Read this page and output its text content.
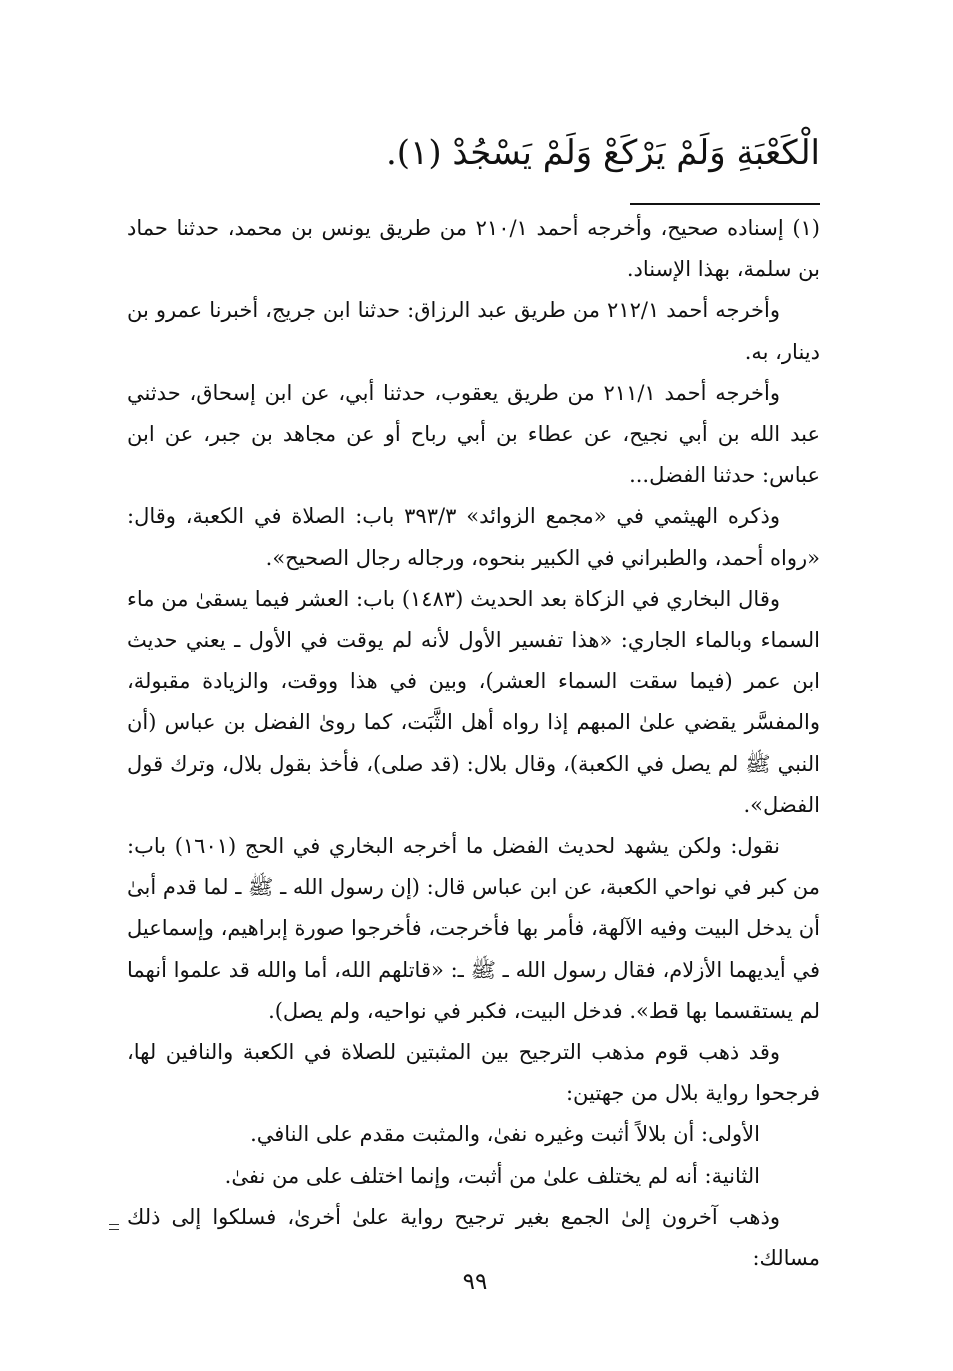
الْكَعْبَةِ وَلَمْ يَرْكَعْ وَلَمْ يَسْجُدْ (١).

(١) إسناده صحيح، وأخرجه أحمد ٢١٠/١ من طريق يونس بن محمد، حدثنا حماد بن سلمة، بهذا الإسناد.

وأخرجه أحمد ٢١٢/١ من طريق عبد الرزاق: حدثنا ابن جريج، أخبرنا عمرو بن دينار، به.

وأخرجه أحمد ٢١١/١ من طريق يعقوب، حدثنا أبي، عن ابن إسحاق، حدثني عبد الله بن أبي نجيح، عن عطاء بن أبي رباح أو عن مجاهد بن جبر، عن ابن عباس: حدثنا الفضل...

وذكره الهيثمي في «مجمع الزوائد» ٣٩٣/٣ باب: الصلاة في الكعبة، وقال: «رواه أحمد، والطبراني في الكبير بنحوه، ورجاله رجال الصحيح».

وقال البخاري في الزكاة بعد الحديث (١٤٨٣) باب: العشر فيما يسقىٰ من ماء السماء وبالماء الجاري: «هذا تفسير الأول لأنه لم يوقت في الأول ـ يعني حديث ابن عمر (فيما سقت السماء العشر)، وبين في هذا ووقت، والزيادة مقبولة، والمفسَّر يقضي علىٰ المبهم إذا رواه أهل الثَّبَت، كما روىٰ الفضل بن عباس (أن النبي ﷺ لم يصل في الكعبة)، وقال بلال: (قد صلى)، فأخذ بقول بلال، وترك قول الفضل».

نقول: ولكن يشهد لحديث الفضل ما أخرجه البخاري في الحج (١٦٠١) باب: من كبر في نواحي الكعبة، عن ابن عباس قال: (إن رسول الله ـ ﷺ ـ لما قدم أبىٰ أن يدخل البيت وفيه الآلهة، فأمر بها فأخرجت، فأخرجوا صورة إبراهيم، وإسماعيل في أيديهما الأزلام، فقال رسول الله ـ ﷺ ـ: «قاتلهم الله، أما والله قد علموا أنهما لم يستقسما بها قط». فدخل البيت، فكبر في نواحيه، ولم يصل).

وقد ذهب قوم مذهب الترجيح بين المثبتين للصلاة في الكعبة والنافين لها، فرجحوا رواية بلال من جهتين:

الأولى: أن بلالاً أثبت وغيره نفىٰ، والمثبت مقدم على النافي.

الثانية: أنه لم يختلف علىٰ من أثبت، وإنما اختلف على من نفىٰ.

وذهب آخرون إلىٰ الجمع بغير ترجيح رواية علىٰ أخرىٰ، فسلكوا إلى ذلك مسالك:

٩٩
